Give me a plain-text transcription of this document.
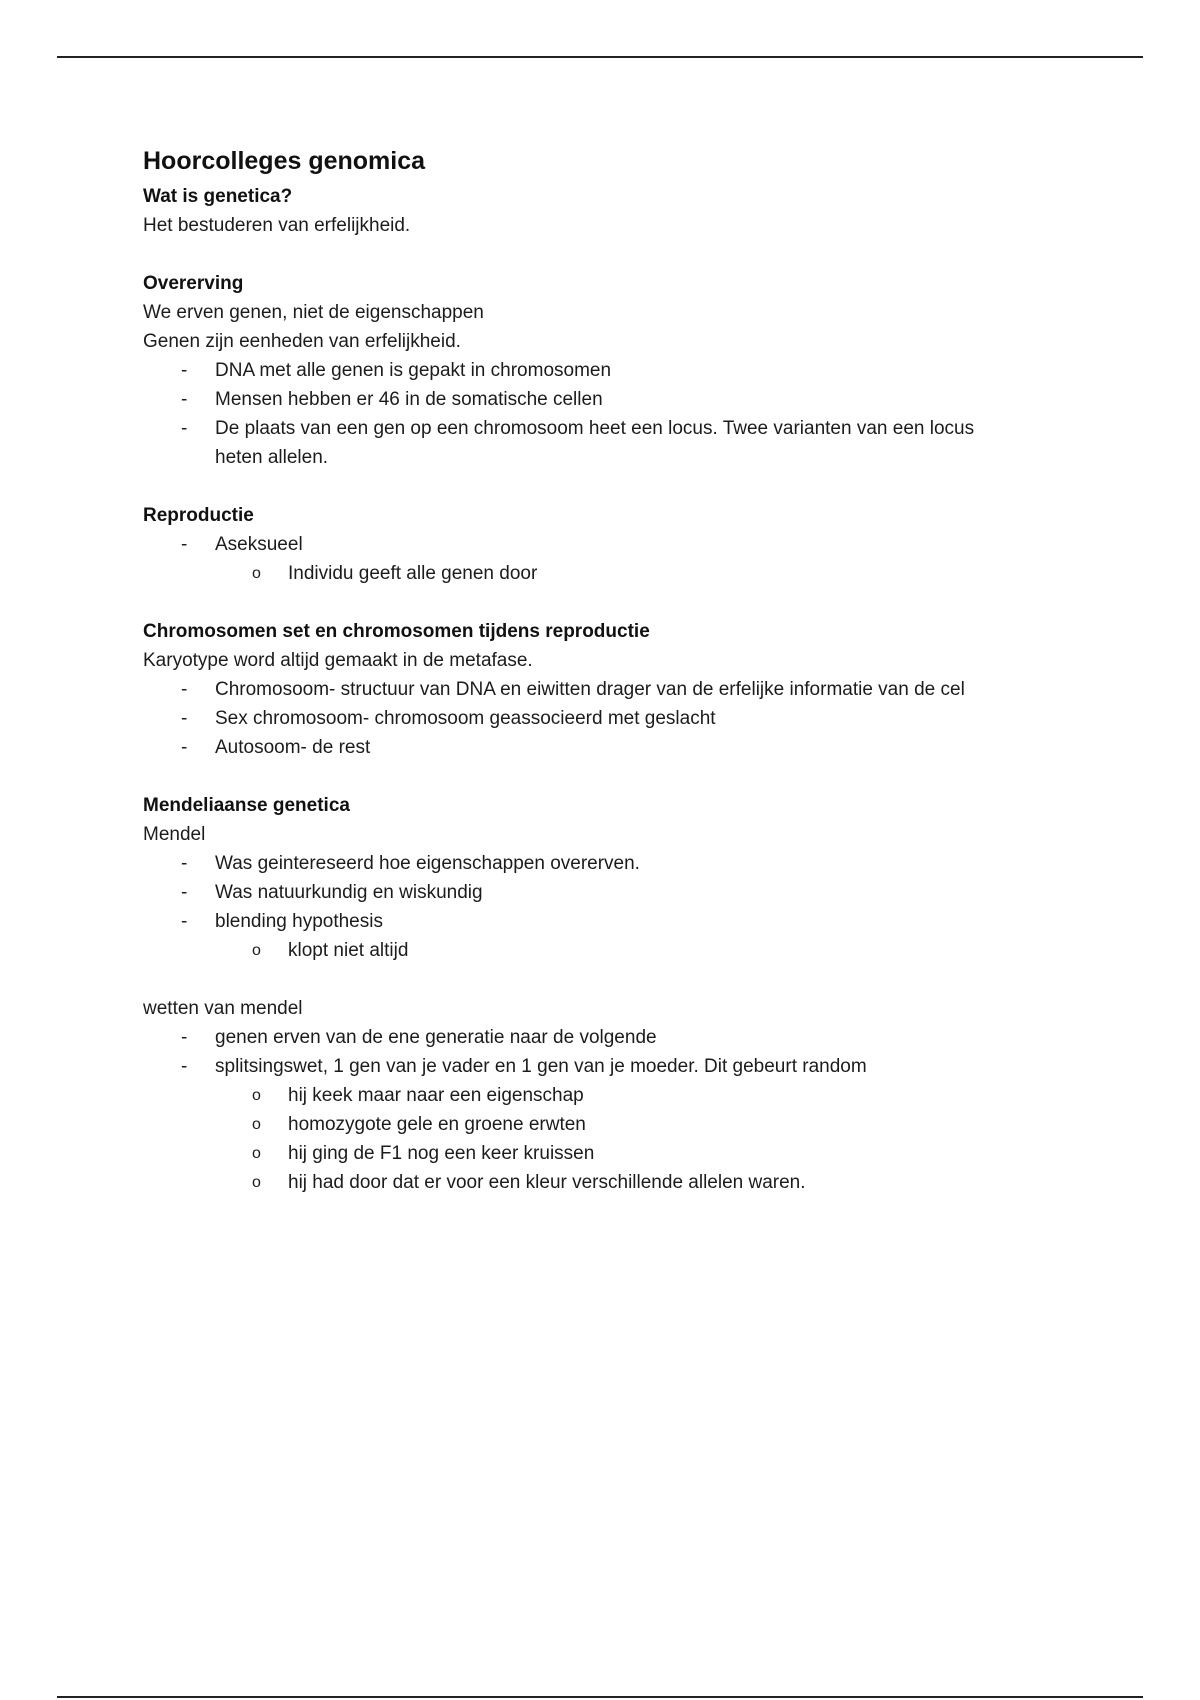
Hoorcolleges genomica
Wat is genetica?
Het bestuderen van erfelijkheid.
Overerving
We erven genen, niet de eigenschappen
Genen zijn eenheden van erfelijkheid.
- DNA met alle genen is gepakt in chromosomen
- Mensen hebben er 46 in de somatische cellen
- De plaats van een gen op een chromosoom heet een locus. Twee varianten van een locus heten allelen.
Reproductie
- Aseksueel
o Individu geeft alle genen door
Chromosomen set en chromosomen tijdens reproductie
Karyotype word altijd gemaakt in de metafase.
- Chromosoom- structuur van DNA en eiwitten drager van de erfelijke informatie van de cel
- Sex chromosoom- chromosoom geassocieerd met geslacht
- Autosoom- de rest
Mendeliaanse genetica
Mendel
- Was geintereseerd hoe eigenschappen overerven.
- Was natuurkundig en wiskundig
- blending hypothesis
o klopt niet altijd
wetten van mendel
- genen erven van de ene generatie naar de volgende
- splitsingswet, 1 gen van je vader en 1 gen van je moeder. Dit gebeurt random
o hij keek maar naar een eigenschap
o homozygote gele en groene erwten
o hij ging de F1 nog een keer kruissen
o hij had door dat er voor een kleur verschillende allelen waren.
